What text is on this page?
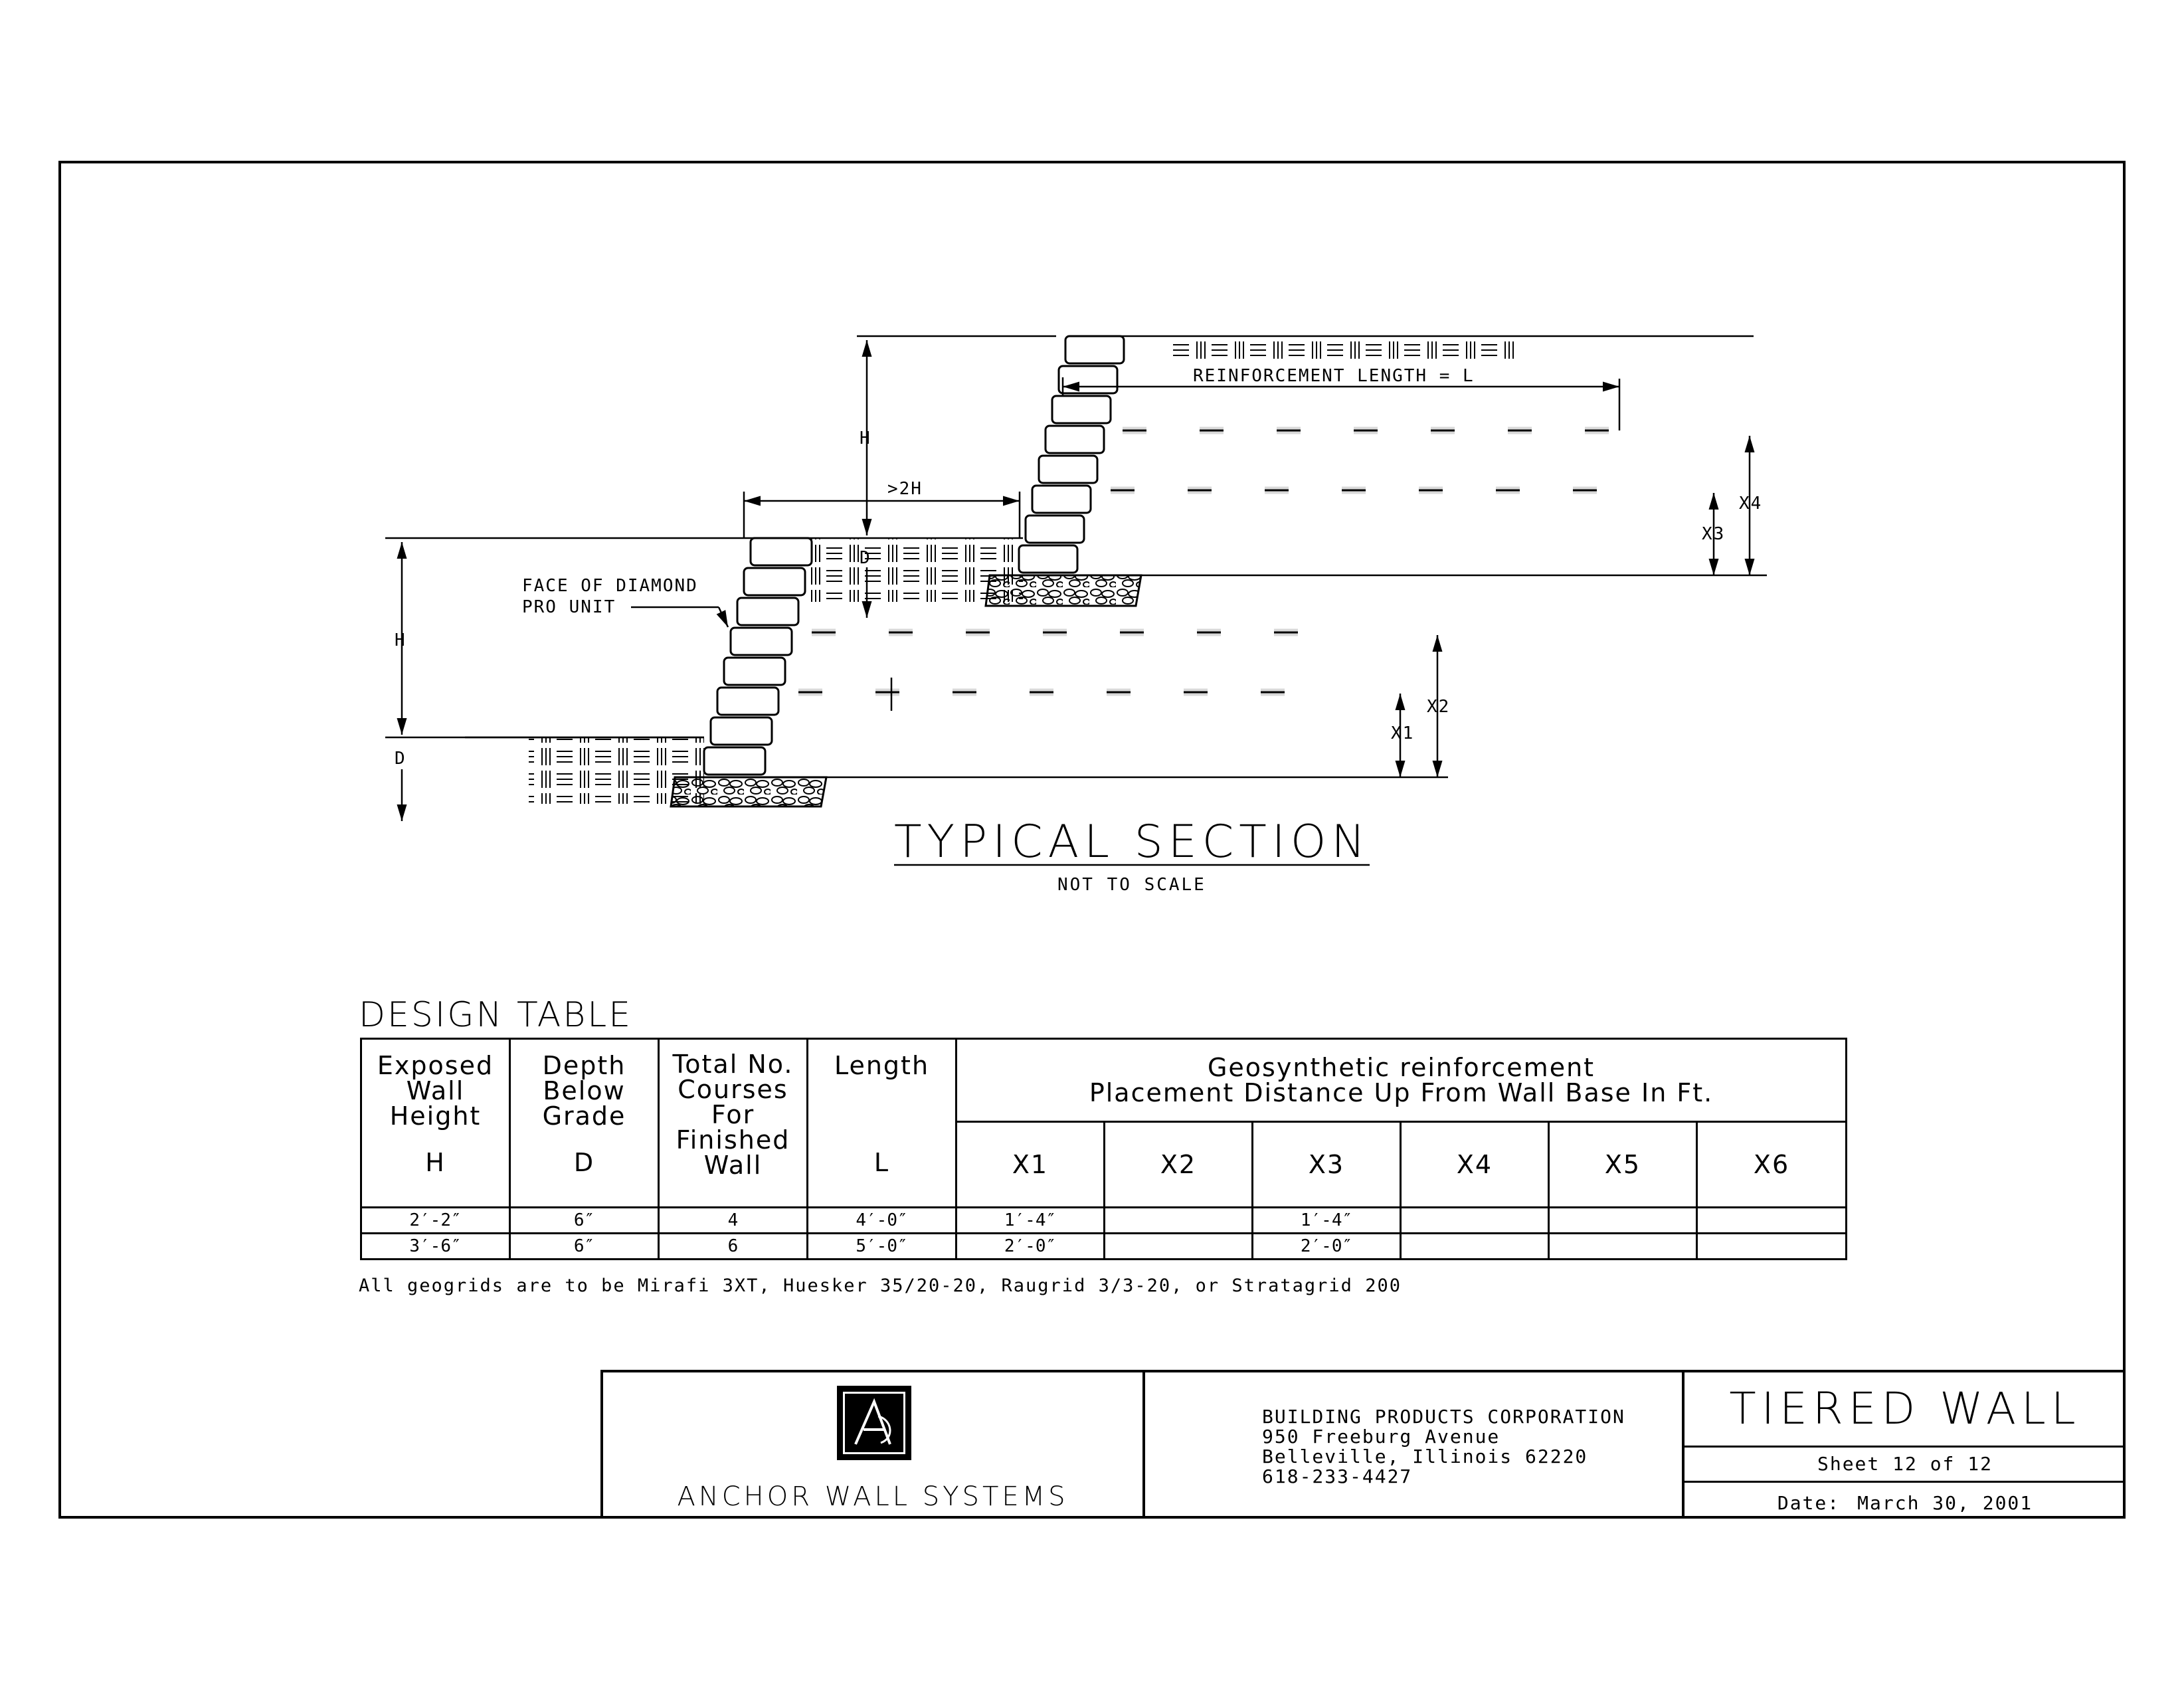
REINFORCEMENT LENGTH = L
FACE OF DIAMOND
PRO UNIT
H
H
D
D
>2H
X1
X2
X3
X4
TYPICAL SECTION
NOT TO SCALE
DESIGN TABLE
Exposed
Wall
Height
H	Depth
Below
Grade
D	Total No.
Courses
For
Finished
Wall	Length
L	Geosynthetic reinforcement
Placement Distance Up From Wall Base In Ft.					
				X1	X2	X3	X4	X5	X6
2′-2″	6″	4	4′-0″	1′-4″		1′-4″			
3′-6″	6″	6	5′-0″	2′-0″		2′-0″			
All geogrids are to be Mirafi 3XT, Huesker 35/20-20, Raugrid 3/3-20, or Stratagrid 200
ANCHOR WALL SYSTEMS
BUILDING PRODUCTS CORPORATION
950 Freeburg Avenue
Belleville, Illinois 62220
618-233-4427
TIERED WALL
Sheet 12 of 12
Date: March 30, 2001
